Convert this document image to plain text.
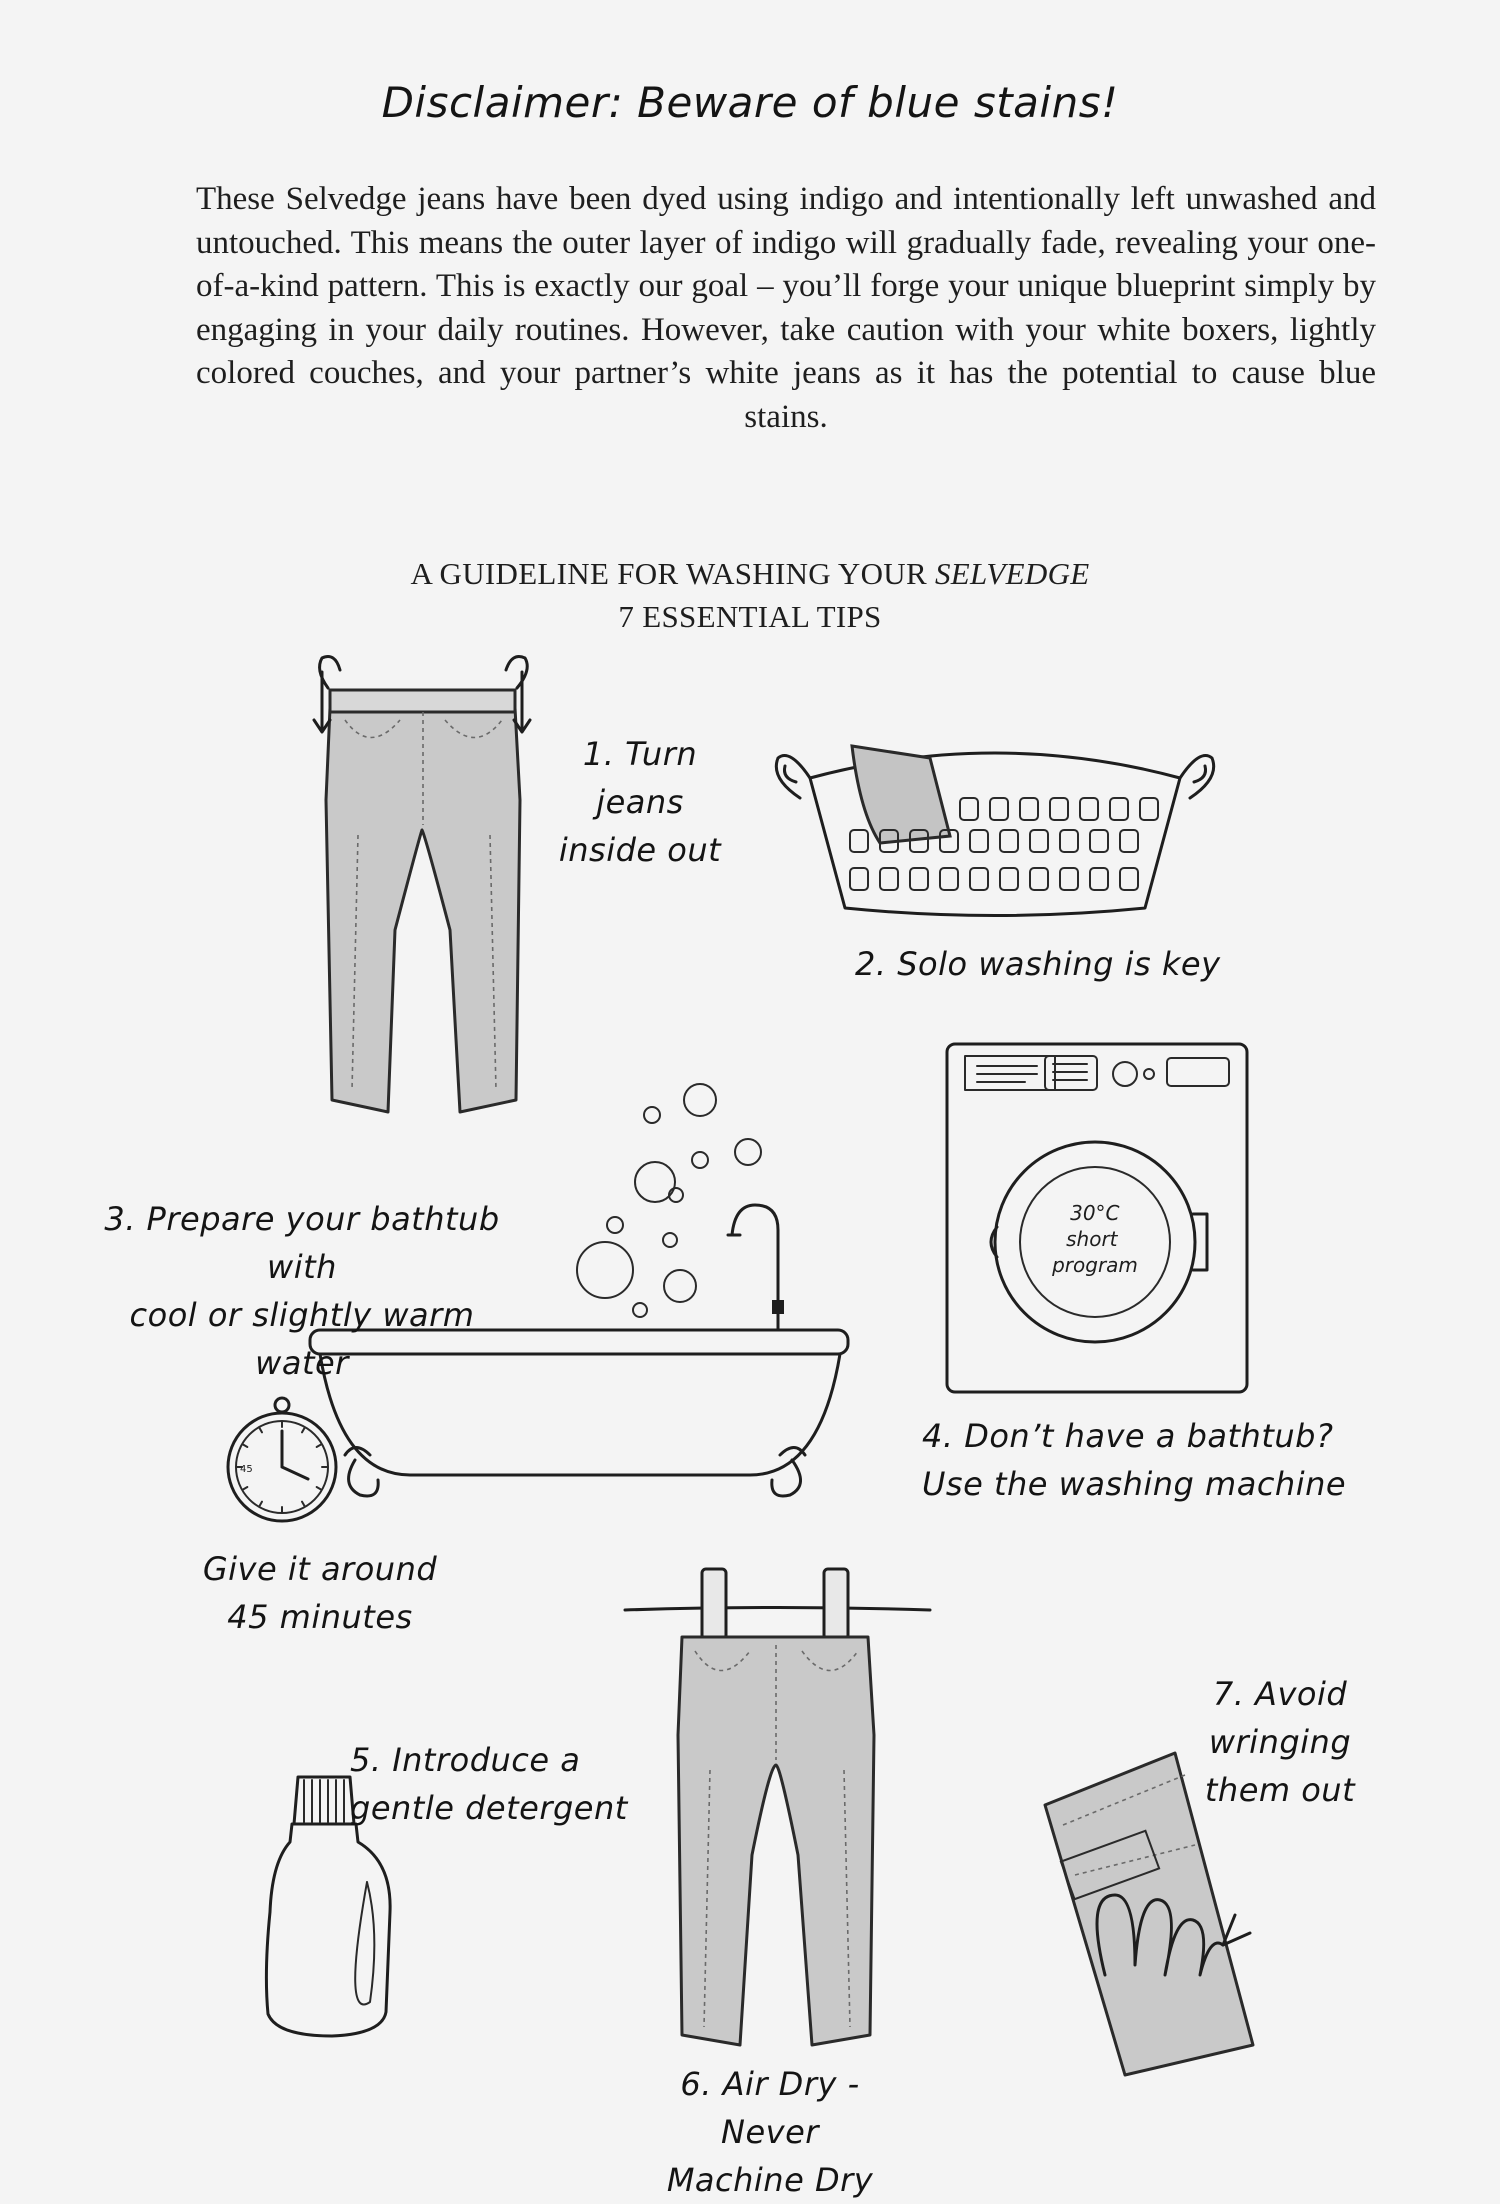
Disclaimer: Beware of blue stains!

These Selvedge jeans have been dyed using indigo and intentionally left unwashed and untouched. This means the outer layer of indigo will gradually fade, revealing your one-of-a-kind pattern. This is exactly our goal – you’ll forge your unique blueprint simply by engaging in your daily routines. However, take caution with your white boxers, lightly colored couches, and your partner’s white jeans as it has the potential to cause blue stains.

A GUIDELINE FOR WASHING YOUR SELVEDGE
7 ESSENTIAL TIPS
1. Turn jeans
inside out
2. Solo washing is key
3. Prepare your bathtub with
cool or slightly warm water
45
Give it around
45 minutes
30°C short program
4. Don’t have a bathtub?
Use the washing machine
5. Introduce a
gentle detergent
6. Air Dry - Never
Machine Dry
7. Avoid wringing
them out
